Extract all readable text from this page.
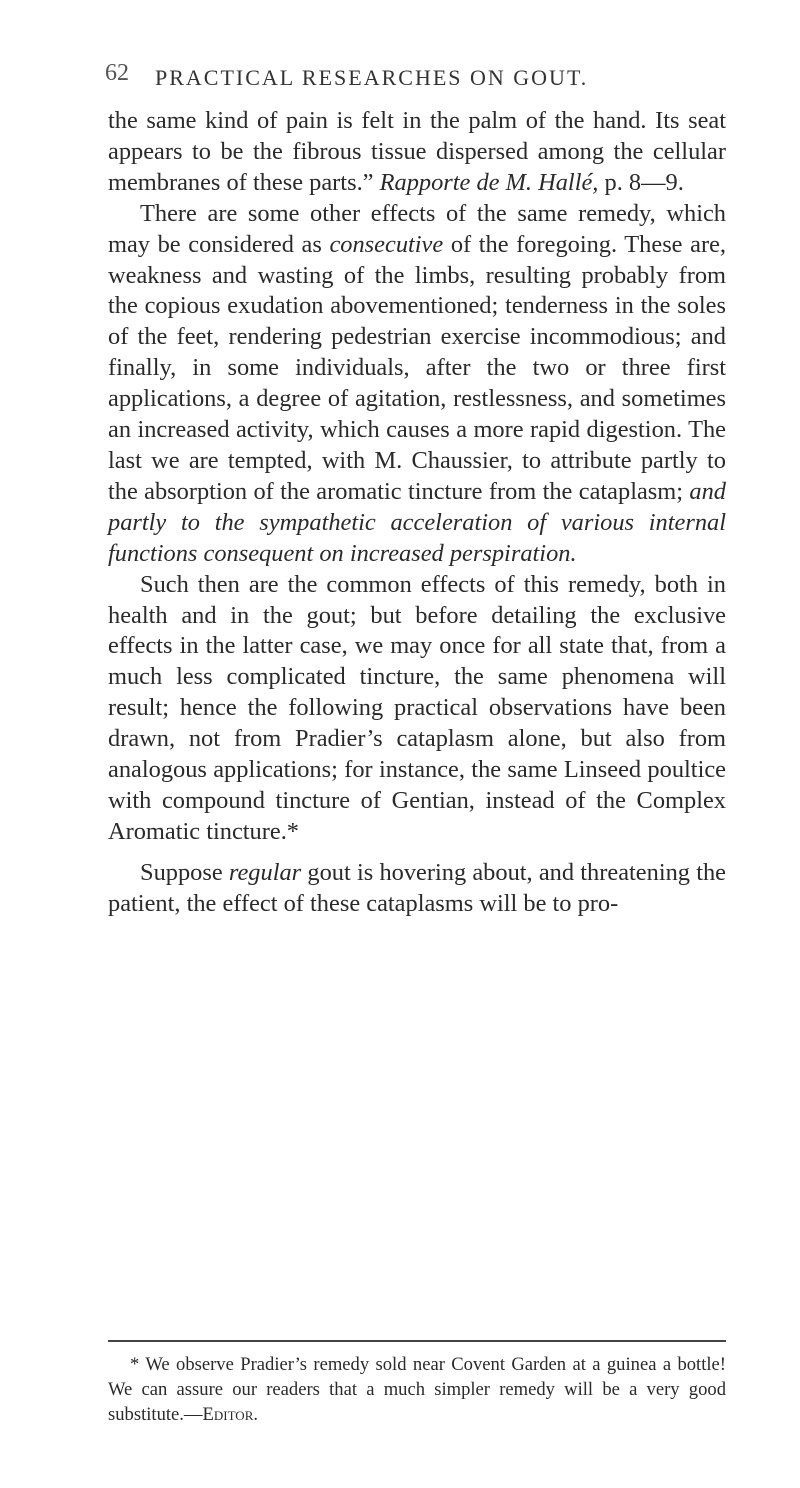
62 PRACTICAL RESEARCHES ON GOUT.

the same kind of pain is felt in the palm of the hand. Its seat appears to be the fibrous tissue dispersed among the cellular membranes of these parts.” Rapporte de M. Hallé, p. 8—9.

There are some other effects of the same remedy, which may be considered as consecutive of the foregoing. These are, weakness and wasting of the limbs, resulting probably from the copious exudation abovementioned; tenderness in the soles of the feet, rendering pedestrian exercise incommodious; and finally, in some individuals, after the two or three first applications, a degree of agitation, restlessness, and sometimes an increased activity, which causes a more rapid digestion. The last we are tempted, with M. Chaussier, to attribute partly to the absorption of the aromatic tincture from the cataplasm; and partly to the sympathetic acceleration of various internal functions consequent on increased perspiration.

Such then are the common effects of this remedy, both in health and in the gout; but before detailing the exclusive effects in the latter case, we may once for all state that, from a much less complicated tincture, the same phenomena will result; hence the following practical observations have been drawn, not from Pradier’s cataplasm alone, but also from analogous applications; for instance, the same Linseed poultice with compound tincture of Gentian, instead of the Complex Aromatic tincture.*

Suppose regular gout is hovering about, and threatening the patient, the effect of these cataplasms will be to pro-

* We observe Pradier’s remedy sold near Covent Garden at a guinea a bottle! We can assure our readers that a much simpler remedy will be a very good substitute.—Editor.
